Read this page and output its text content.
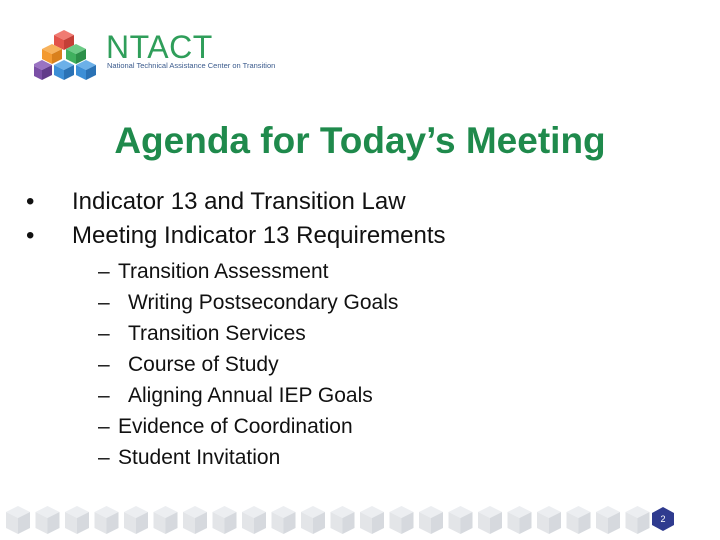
NTACT
National Technical Assistance Center on Transition
Agenda for Today’s Meeting
• Indicator 13 and Transition Law
• Meeting Indicator 13 Requirements
– Transition Assessment
– Writing Postsecondary Goals
– Transition Services
– Course of Study
– Aligning Annual IEP Goals
– Evidence of Coordination
– Student Invitation
2
